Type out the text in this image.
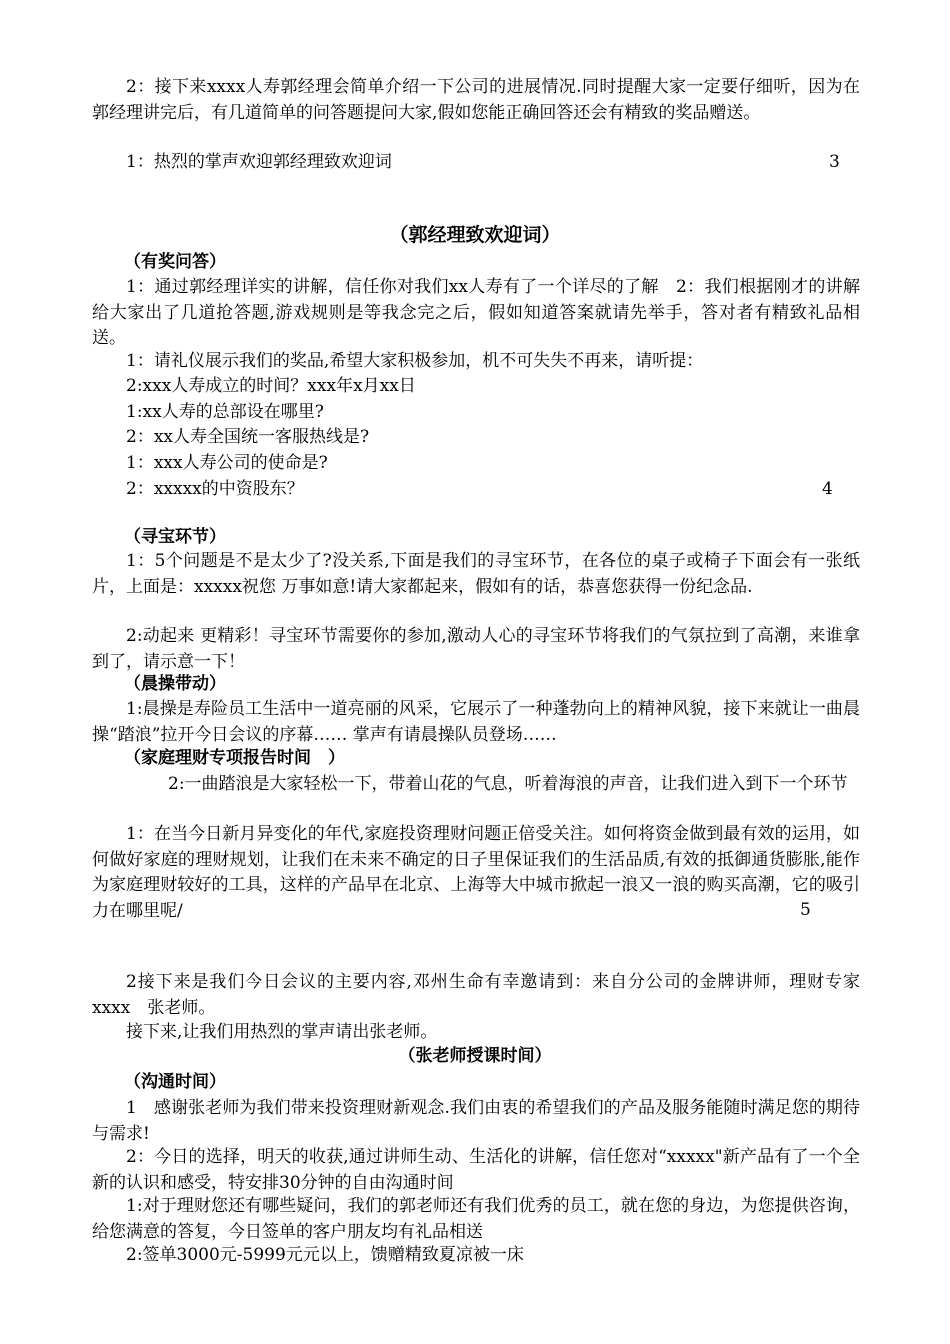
2：接下来xxxx人寿郭经理会简单介绍一下公司的进展情况.同时提醒大家一定要仔细听，因为在郭经理讲完后，有几道简单的问答题提问大家,假如您能正确回答还会有精致的奖品赠送。

1：热烈的掌声欢迎郭经理致欢迎词	3

（郭经理致欢迎词）

（有奖问答）

1：通过郭经理详实的讲解，信任你对我们xx人寿有了一个详尽的了解　2：我们根据刚才的讲解给大家出了几道抢答题,游戏规则是等我念完之后，假如知道答案就请先举手，答对者有精致礼品相送。

1：请礼仪展示我们的奖品,希望大家积极参加，机不可失失不再来，请听提：

2:xxx人寿成立的时间？xxx年x月xx日

1:xx人寿的总部设在哪里?

2：xx人寿全国统一客服热线是?

1：xxx人寿公司的使命是?

2：xxxxx的中资股东？	4

（寻宝环节）

1：5个问题是不是太少了?没关系,下面是我们的寻宝环节，在各位的桌子或椅子下面会有一张纸片，上面是：xxxxx祝您 万事如意!请大家都起来，假如有的话，恭喜您获得一份纪念品.

2:动起来 更精彩！寻宝环节需要你的参加,激动人心的寻宝环节将我们的气氛拉到了高潮，来谁拿到了，请示意一下！

（晨操带动）

1:晨操是寿险员工生活中一道亮丽的风采，它展示了一种蓬勃向上的精神风貌，接下来就让一曲晨操“踏浪”拉开今日会议的序幕…… 掌声有请晨操队员登场……

（家庭理财专项报告时间　）

2:一曲踏浪是大家轻松一下，带着山花的气息，听着海浪的声音，让我们进入到下一个环节

1：在当今日新月异变化的年代,家庭投资理财问题正倍受关注。如何将资金做到最有效的运用，如何做好家庭的理财规划，让我们在未来不确定的日子里保证我们的生活品质,有效的抵御通货膨胀,能作为家庭理财较好的工具，这样的产品早在北京、上海等大中城市掀起一浪又一浪的购买高潮，它的吸引力在哪里呢/	5

2接下来是我们今日会议的主要内容,邓州生命有幸邀请到：来自分公司的金牌讲师，理财专家xxxx　张老师。

接下来,让我们用热烈的掌声请出张老师。

（张老师授课时间）

（沟通时间）

1　感谢张老师为我们带来投资理财新观念.我们由衷的希望我们的产品及服务能随时满足您的期待与需求!

2：今日的选择，明天的收获,通过讲师生动、生活化的讲解，信任您对“xxxxx"新产品有了一个全新的认识和感受，特安排30分钟的自由沟通时间

1:对于理财您还有哪些疑问，我们的郭老师还有我们优秀的员工，就在您的身边，为您提供咨询，给您满意的答复，今日签单的客户朋友均有礼品相送

2:签单3000元-5999元元以上，馈赠精致夏凉被一床
